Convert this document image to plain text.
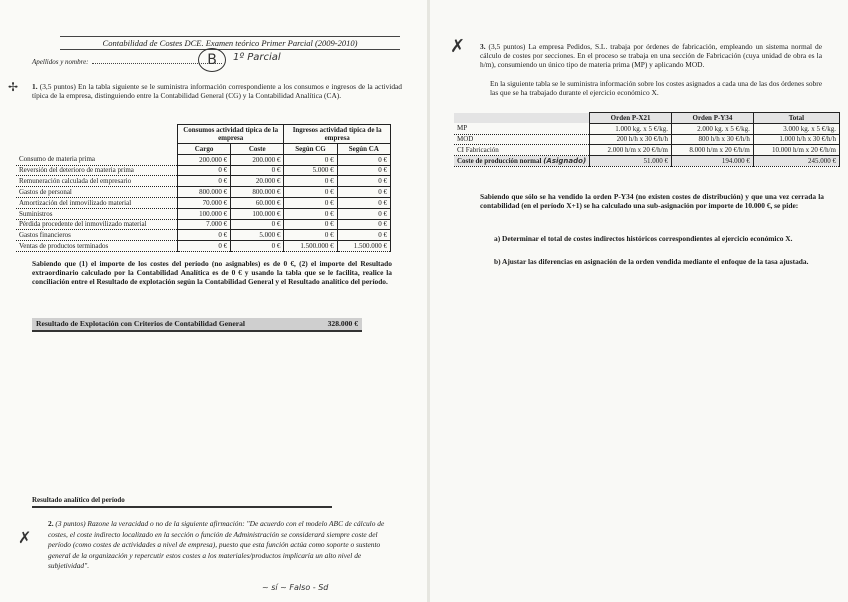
Contabilidad de Costes DCE. Examen teórico Primer Parcial (2009-2010)
Apellidos y nombre:	B	1º Parcial
✢ 1. (3,5 puntos) En la tabla siguiente se le suministra información correspondiente a los consumos e ingresos de la actividad típica de la empresa, distinguiendo entre la Contabilidad General (CG) y la Contabilidad Analítica (CA).
	Consumos actividad típica de la empresa		Ingresos actividad típica de la empresa	
	Cargo	Coste	Según CG	Según CA
Consumo de materia prima	200.000 €	200.000 €	0 €	0 €
Reversión del deterioro de materia prima	0 €	0 €	5.000 €	0 €
Remuneración calculada del empresario	0 €	20.000 €	0 €	0 €
Gastos de personal	800.000 €	800.000 €	0 €	0 €
Amortización del inmovilizado material	70.000 €	60.000 €	0 €	0 €
Suministros	100.000 €	100.000 €	0 €	0 €
Pérdida procedente del inmovilizado material	7.000 €	0 €	0 €	0 €
Gastos financieros	0 €	5.000 €	0 €	0 €
Ventas de productos terminados	0 €	0 €	1.500.000 €	1.500.000 €
Sabiendo que (1) el importe de los costes del período (no asignables) es de 0 €, (2) el importe del Resultado extraordinario calculado por la Contabilidad Analítica es de 0 € y usando la tabla que se le facilita, realice la conciliación entre el Resultado de explotación según la Contabilidad General y el Resultado analítico del período.
Resultado de Explotación con Criterios de Contabilidad General	328.000 €
Resultado analítico del período
✗
2. (3 puntos) Razone la veracidad o no de la siguiente afirmación: "De acuerdo con el modelo ABC de cálculo de costes, el coste indirecto localizado en la sección o función de Administración se considerará siempre coste del período (como costes de actividades a nivel de empresa), puesto que esta función actúa como soporte o sustento general de la organización y repercutir estos costes a los materiales/productos implicaría un alto nivel de subjetividad".
~ sí ~ Falso - Sd
✗ 3. (3,5 puntos) La empresa Pedidos, S.L. trabaja por órdenes de fabricación, empleando un sistema normal de cálculo de costes por secciones. En el proceso se trabaja en una sección de Fabricación (cuya unidad de obra es la h/m), consumiendo un único tipo de materia prima (MP) y aplicando MOD.
En la siguiente tabla se le suministra información sobre los costes asignados a cada una de las dos órdenes sobre las que se ha trabajado durante el ejercicio económico X.
	Orden P-X21	Orden P-Y34	Total
MP	1.000 kg. x 5 €/kg.	2.000 kg. x 5 €/kg.	3.000 kg. x 5 €/kg.
MOD	200 h/h x 30 €/h/h	800 h/h x 30 €/h/h	1.000 h/h x 30 €/h/h
CI Fabricación	2.000 h/m x 20 €/h/m	8.000 h/m x 20 €/h/m	10.000 h/m x 20 €/h/m
Coste de producción normal (Asignado)	51.000 €	194.000 €	245.000 €
Sabiendo que sólo se ha vendido la orden P-Y34 (no existen costes de distribución) y que una vez cerrada la contabilidad (en el período X+1) se ha calculado una sub-asignación por importe de 10.000 €, se pide:
a) Determinar el total de costes indirectos históricos correspondientes al ejercicio económico X.
b) Ajustar las diferencias en asignación de la orden vendida mediante el enfoque de la tasa ajustada.
